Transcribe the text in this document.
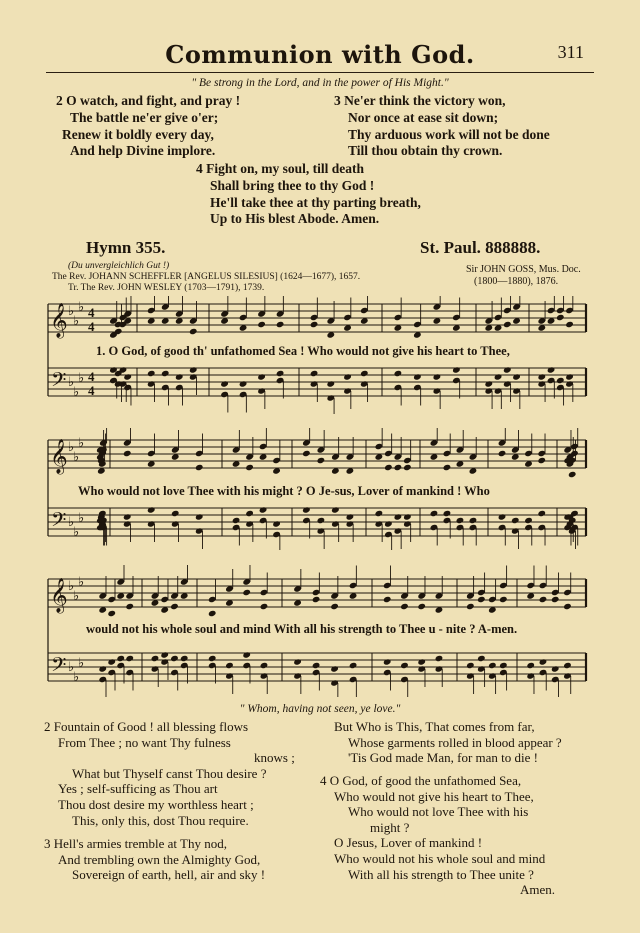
Communion with God.	311
" Be strong in the Lord, and in the power of His Might."
2 O watch, and fight, and pray !
The battle ne'er give o'er;
Renew it boldly every day,
And help Divine implore.
3 Ne'er think the victory won,
Nor once at ease sit down;
Thy arduous work will not be done
Till thou obtain thy crown.
4 Fight on, my soul, till death
Shall bring thee to thy God !
He'll take thee at thy parting breath,
Up to His blest Abode. Amen.
Hymn 355.	St. Paul. 888888.
(Du unvergleichlich Gut !)
The Rev. JOHANN SCHEFFLER [ANGELUS SILESIUS] (1624—1677), 1657.
Tr. The Rev. JOHN WESLEY (1703—1791), 1739.
Sir JOHN GOSS, Mus. Doc.
(1800—1880), 1876.
𝄞
𝄢
♭
♭
♭
♭
♭
♭
4
4
4
4
1. O God, of good th' unfathomed Sea ! Who would not give his heart to Thee,
𝄞
𝄢
♭
♭
♭
♭
♭
♭
Who would not love Thee with his might ? O Je-sus, Lover of mankind ! Who
𝄞
𝄢
♭
♭
♭
♭
♭
♭
would not his whole soul and mind With all his strength to Thee u - nite ? A-men.
" Whom, having not seen, ye love."
2 Fountain of Good ! all blessing flows
From Thee ; no want Thy fulness
knows ;
What but Thyself canst Thou desire ?
Yes ; self-sufficing as Thou art
Thou dost desire my worthless heart ;
This, only this, dost Thou require.
3 Hell's armies tremble at Thy nod,
And trembling own the Almighty God,
Sovereign of earth, hell, air and sky !
But Who is This, That comes from far,
Whose garments rolled in blood appear ?
'Tis God made Man, for man to die !
4 O God, of good the unfathomed Sea,
Who would not give his heart to Thee,
Who would not love Thee with his
might ?
O Jesus, Lover of mankind !
Who would not his whole soul and mind
With all his strength to Thee unite ?
Amen.
